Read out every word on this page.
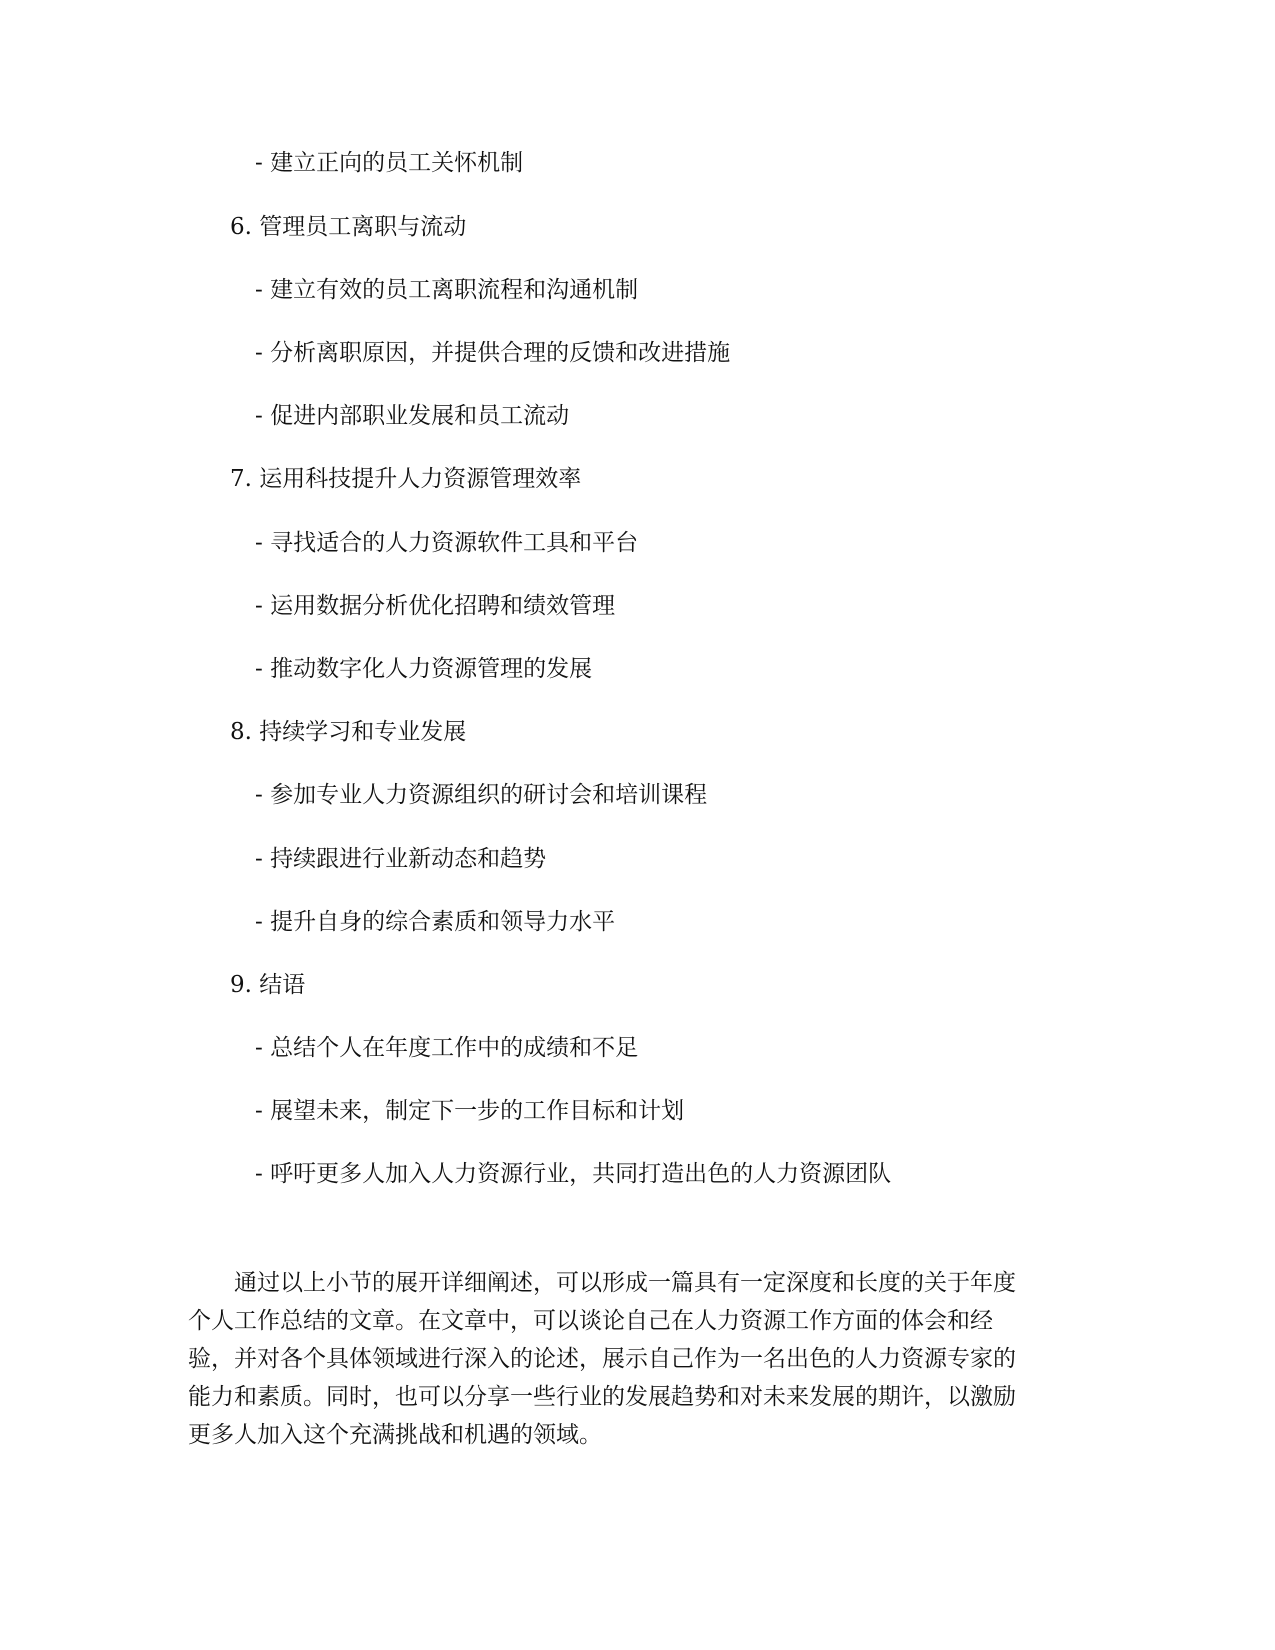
- 建立正向的员工关怀机制
6. 管理员工离职与流动
- 建立有效的员工离职流程和沟通机制
- 分析离职原因，并提供合理的反馈和改进措施
- 促进内部职业发展和员工流动
7. 运用科技提升人力资源管理效率
- 寻找适合的人力资源软件工具和平台
- 运用数据分析优化招聘和绩效管理
- 推动数字化人力资源管理的发展
8. 持续学习和专业发展
- 参加专业人力资源组织的研讨会和培训课程
- 持续跟进行业新动态和趋势
- 提升自身的综合素质和领导力水平
9. 结语
- 总结个人在年度工作中的成绩和不足
- 展望未来，制定下一步的工作目标和计划
- 呼吁更多人加入人力资源行业，共同打造出色的人力资源团队

　　通过以上小节的展开详细阐述，可以形成一篇具有一定深度和长度的关于年度

个人工作总结的文章。在文章中，可以谈论自己在人力资源工作方面的体会和经

验，并对各个具体领域进行深入的论述，展示自己作为一名出色的人力资源专家的

能力和素质。同时，也可以分享一些行业的发展趋势和对未来发展的期许，以激励

更多人加入这个充满挑战和机遇的领域。
